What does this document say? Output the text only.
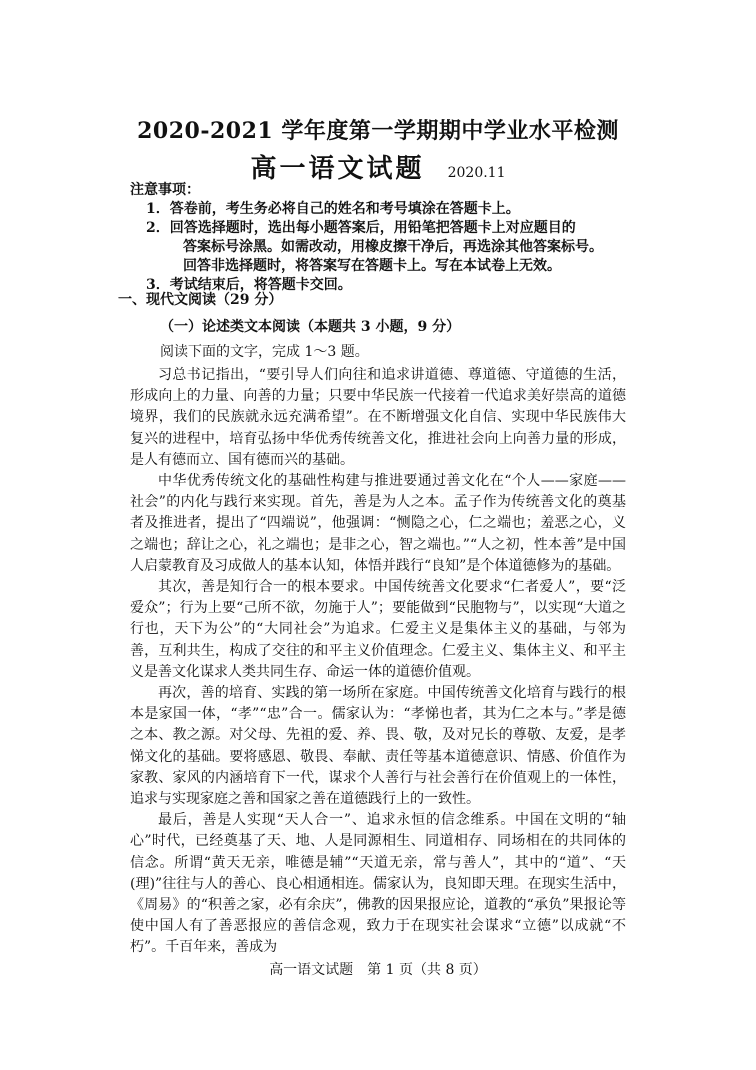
2020-2021 学年度第一学期期中学业水平检测
高一语文试题 2020.11
注意事项：
1．答卷前，考生务必将自己的姓名和考号填涂在答题卡上。
2．回答选择题时，选出每小题答案后，用铅笔把答题卡上对应题目的
答案标号涂黑。如需改动，用橡皮擦干净后，再选涂其他答案标号。
回答非选择题时，将答案写在答题卡上。写在本试卷上无效。
3．考试结束后，将答题卡交回。
一、现代文阅读（29 分）
（一）论述类文本阅读（本题共 3 小题，9 分）
阅读下面的文字，完成 1～3 题。

习总书记指出，“要引导人们向往和追求讲道德、尊道德、守道德的生活，形成向上的力量、向善的力量；只要中华民族一代接着一代追求美好崇高的道德境界，我们的民族就永远充满希望”。在不断增强文化自信、实现中华民族伟大复兴的进程中，培育弘扬中华优秀传统善文化，推进社会向上向善力量的形成，是人有德而立、国有德而兴的基础。

中华优秀传统文化的基础性构建与推进要通过善文化在“个人——家庭——社会”的内化与践行来实现。首先，善是为人之本。孟子作为传统善文化的奠基者及推进者，提出了“四端说”，他强调：“恻隐之心，仁之端也；羞恶之心，义之端也；辞让之心，礼之端也；是非之心，智之端也。”“人之初，性本善”是中国人启蒙教育及习成做人的基本认知，体悟并践行“良知”是个体道德修为的基础。

其次，善是知行合一的根本要求。中国传统善文化要求“仁者爱人”，要“泛爱众”；行为上要“己所不欲，勿施于人”；要能做到“民胞物与”，以实现“大道之行也，天下为公”的“大同社会”为追求。仁爱主义是集体主义的基础，与邻为善，互利共生，构成了交往的和平主义价值理念。仁爱主义、集体主义、和平主义是善文化谋求人类共同生存、命运一体的道德价值观。

再次，善的培育、实践的第一场所在家庭。中国传统善文化培育与践行的根本是家国一体，“孝”“忠”合一。儒家认为：“孝悌也者，其为仁之本与。”孝是德之本、教之源。对父母、先祖的爱、养、畏、敬，及对兄长的尊敬、友爱，是孝悌文化的基础。要将感恩、敬畏、奉献、责任等基本道德意识、情感、价值作为家教、家风的内涵培育下一代，谋求个人善行与社会善行在价值观上的一体性，追求与实现家庭之善和国家之善在道德践行上的一致性。

最后，善是人实现“天人合一”、追求永恒的信念维系。中国在文明的“轴心”时代，已经奠基了天、地、人是同源相生、同道相存、同场相在的共同体的信念。所谓“黄天无亲，唯德是辅”“天道无亲，常与善人”，其中的“道”、“天(理)”往往与人的善心、良心相通相连。儒家认为，良知即天理。在现实生活中，《周易》的“积善之家，必有余庆”，佛教的因果报应论，道教的“承负”果报论等使中国人有了善恶报应的善信念观，致力于在现实社会谋求“立德”以成就“不朽”。千百年来，善成为

高一语文试题　第 1 页（共 8 页）
